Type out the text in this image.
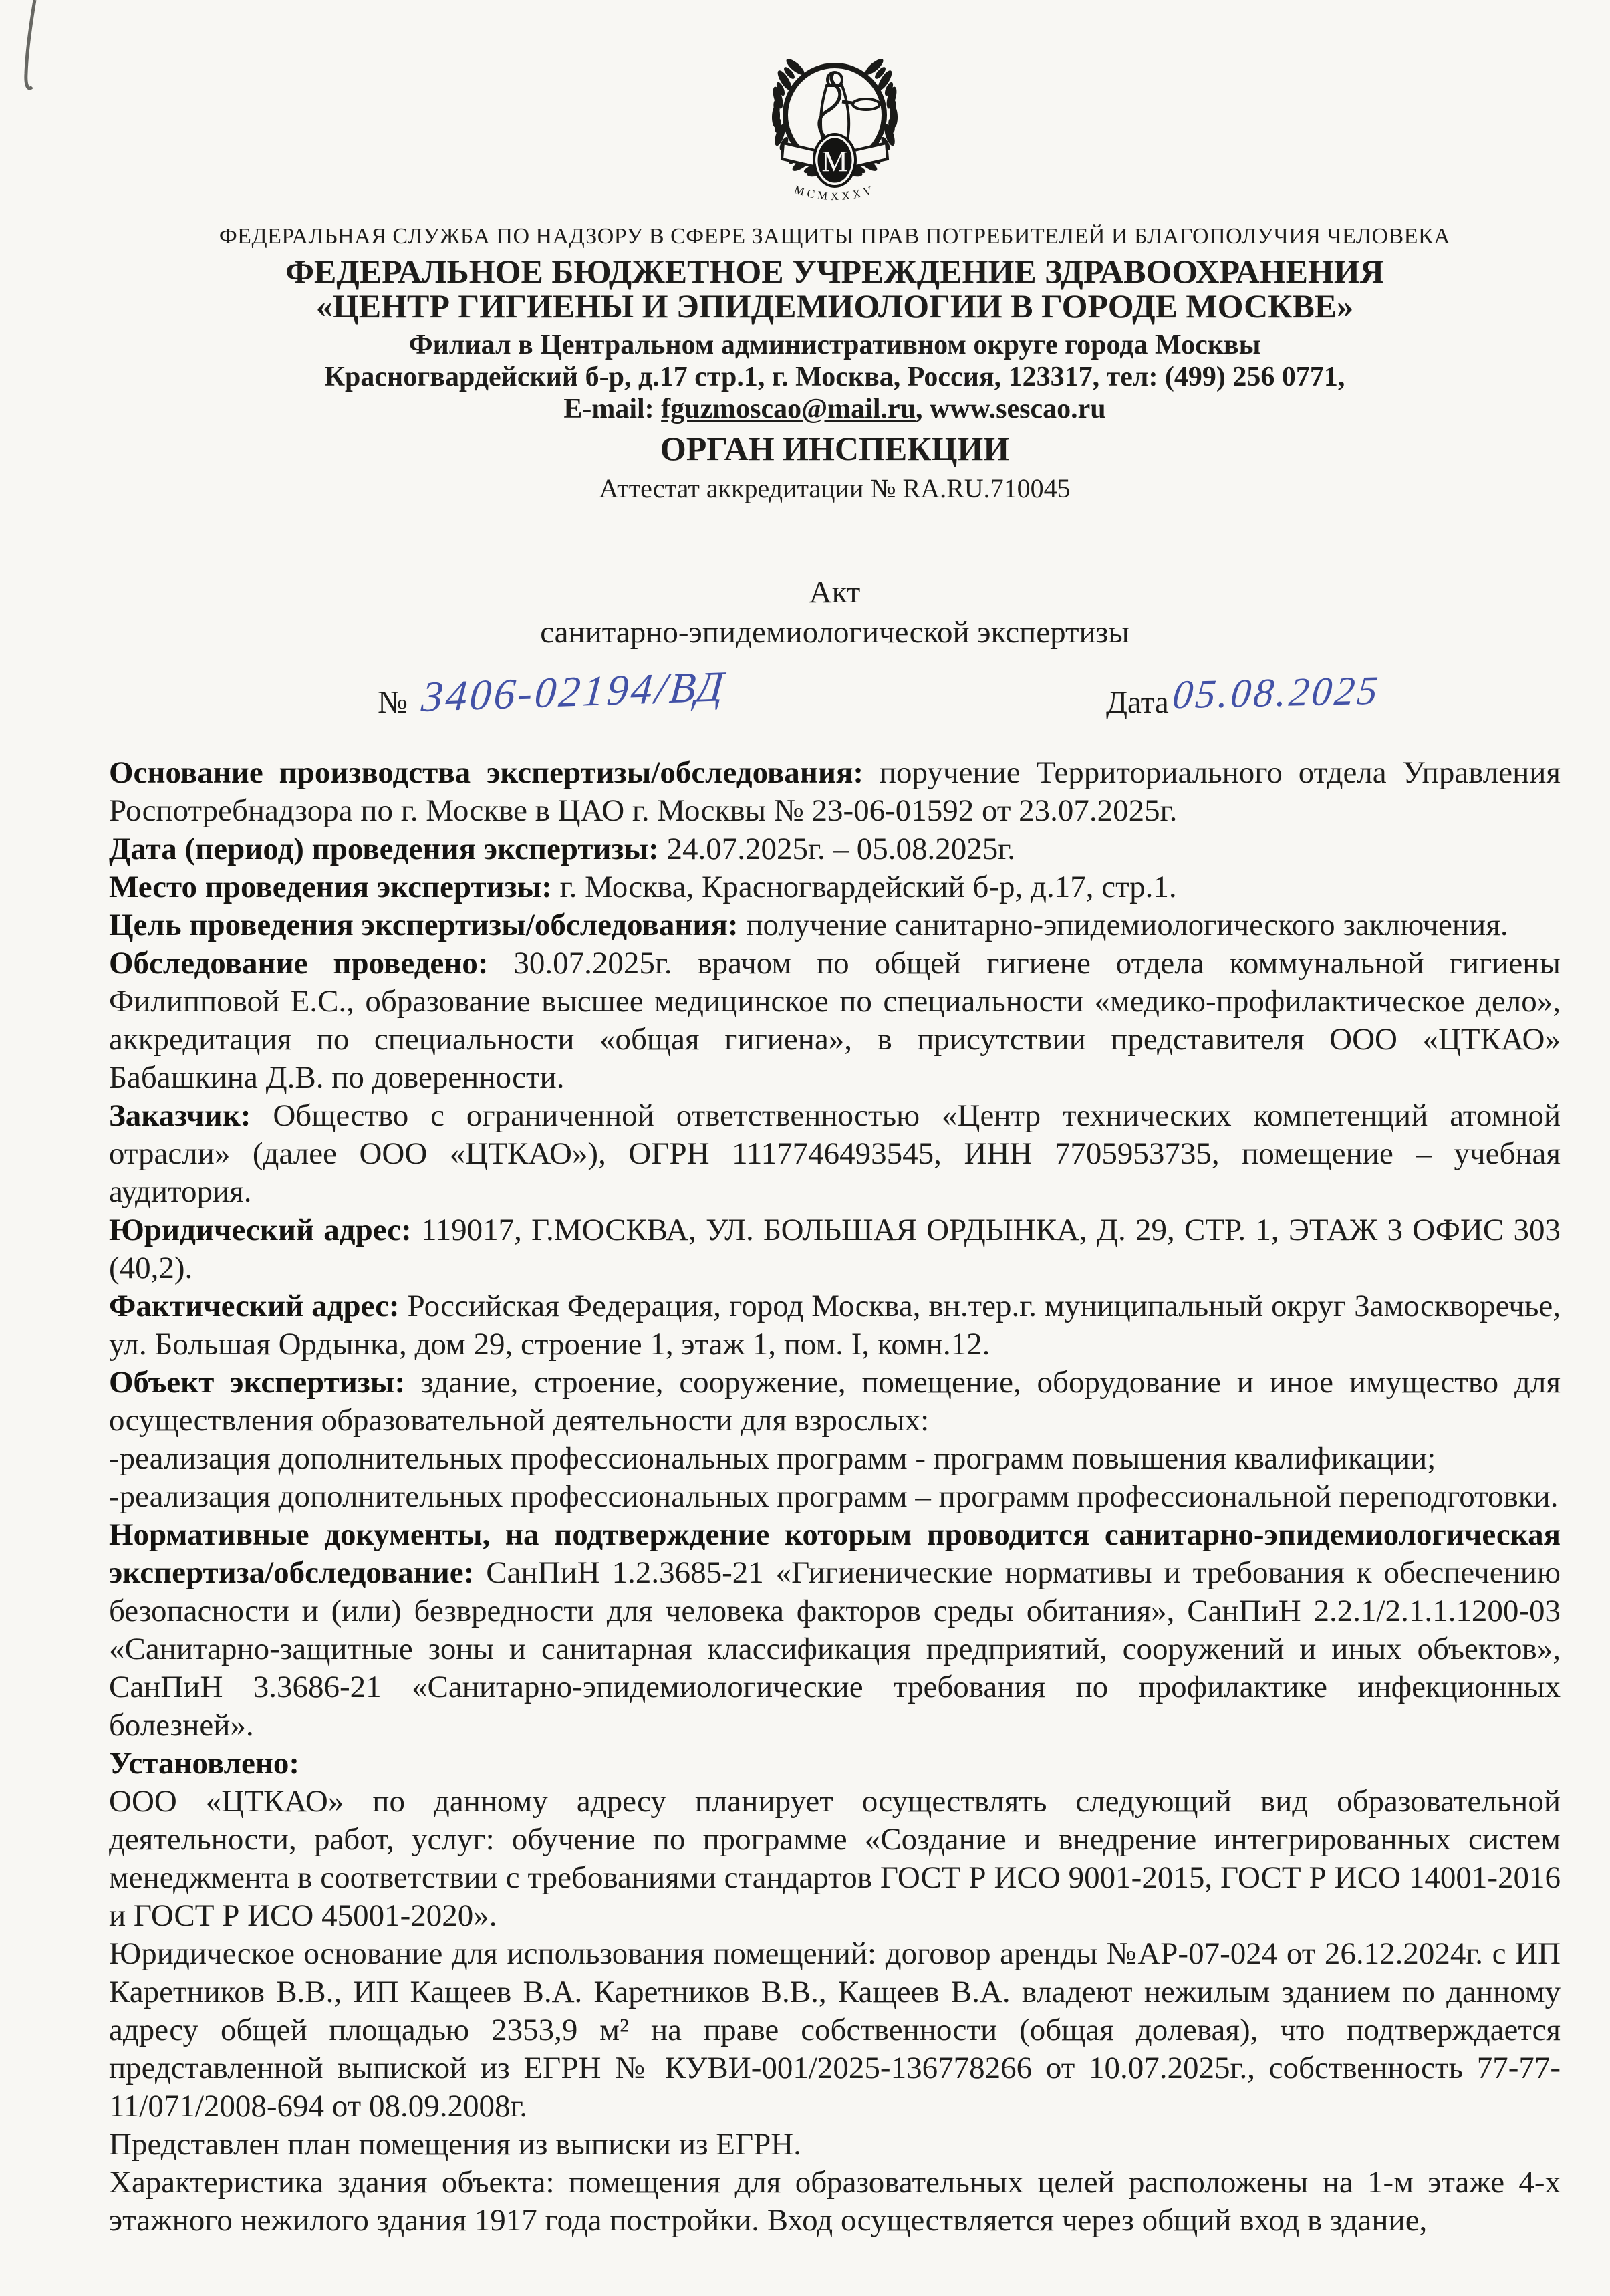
M
MCMXXXV
ФЕДЕРАЛЬНАЯ СЛУЖБА ПО НАДЗОРУ В СФЕРЕ ЗАЩИТЫ ПРАВ ПОТРЕБИТЕЛЕЙ И БЛАГОПОЛУЧИЯ ЧЕЛОВЕКА
ФЕДЕРАЛЬНОЕ БЮДЖЕТНОЕ УЧРЕЖДЕНИЕ ЗДРАВООХРАНЕНИЯ
«ЦЕНТР ГИГИЕНЫ И ЭПИДЕМИОЛОГИИ В ГОРОДЕ МОСКВЕ»
Филиал в Центральном административном округе города Москвы
Красногвардейский б-р, д.17 стр.1, г. Москва, Россия, 123317, тел: (499) 256 0771,
E-mail: fguzmoscao@mail.ru, www.sescao.ru
ОРГАН ИНСПЕКЦИИ
Аттестат аккредитации № RA.RU.710045
Акт
санитарно-эпидемиологической экспертизы
№ 3406-02194/ВД	Дата 05.08.2025

Основание производства экспертизы/обследования: поручение Территориального отдела Управления Роспотребнадзора по г. Москве в ЦАО г. Москвы № 23-06-01592 от 23.07.2025г.

Дата (период) проведения экспертизы: 24.07.2025г. – 05.08.2025г.

Место проведения экспертизы: г. Москва, Красногвардейский б-р, д.17, стр.1.

Цель проведения экспертизы/обследования: получение санитарно-эпидемиологического заключения.

Обследование проведено: 30.07.2025г. врачом по общей гигиене отдела коммунальной гигиены Филипповой Е.С., образование высшее медицинское по специальности «медико-профилактическое дело», аккредитация по специальности «общая гигиена», в присутствии представителя ООО «ЦТКАО» Бабашкина Д.В. по доверенности.

Заказчик: Общество с ограниченной ответственностью «Центр технических компетенций атомной отрасли» (далее ООО «ЦТКАО»), ОГРН 1117746493545, ИНН 7705953735, помещение – учебная аудитория.

Юридический адрес: 119017, Г.МОСКВА, УЛ. БОЛЬШАЯ ОРДЫНКА, Д. 29, СТР. 1, ЭТАЖ 3 ОФИС 303 (40,2).

Фактический адрес: Российская Федерация, город Москва, вн.тер.г. муниципальный округ Замоскворечье, ул. Большая Ордынка, дом 29, строение 1, этаж 1, пом. I, комн.12.

Объект экспертизы: здание, строение, сооружение, помещение, оборудование и иное имущество для осуществления образовательной деятельности для взрослых:

-реализация дополнительных профессиональных программ - программ повышения квалификации;

-реализация дополнительных профессиональных программ – программ профессиональной переподготовки.

Нормативные документы, на подтверждение которым проводится санитарно-эпидемиологическая экспертиза/обследование: СанПиН 1.2.3685-21 «Гигиенические нормативы и требования к обеспечению безопасности и (или) безвредности для человека факторов среды обитания», СанПиН 2.2.1/2.1.1.1200-03 «Санитарно-защитные зоны и санитарная классификация предприятий, сооружений и иных объектов», СанПиН 3.3686-21 «Санитарно-эпидемиологические требования по профилактике инфекционных болезней».

Установлено:

ООО «ЦТКАО» по данному адресу планирует осуществлять следующий вид образовательной деятельности, работ, услуг: обучение по программе «Создание и внедрение интегрированных систем менеджмента в соответствии с требованиями стандартов ГОСТ Р ИСО 9001-2015, ГОСТ Р ИСО 14001-2016 и ГОСТ Р ИСО 45001-2020».

Юридическое основание для использования помещений: договор аренды №АР-07-024 от 26.12.2024г. с ИП Каретников В.В., ИП Кащеев В.А. Каретников В.В., Кащеев В.А. владеют нежилым зданием по данному адресу общей площадью 2353,9 м² на праве собственности (общая долевая), что подтверждается представленной выпиской из ЕГРН № КУВИ-001/2025-136778266 от 10.07.2025г., собственность 77-77-11/071/2008-694 от 08.09.2008г.

Представлен план помещения из выписки из ЕГРН.

Характеристика здания объекта: помещения для образовательных целей расположены на 1-м этаже 4-х этажного нежилого здания 1917 года постройки. Вход осуществляется через общий вход в здание,
